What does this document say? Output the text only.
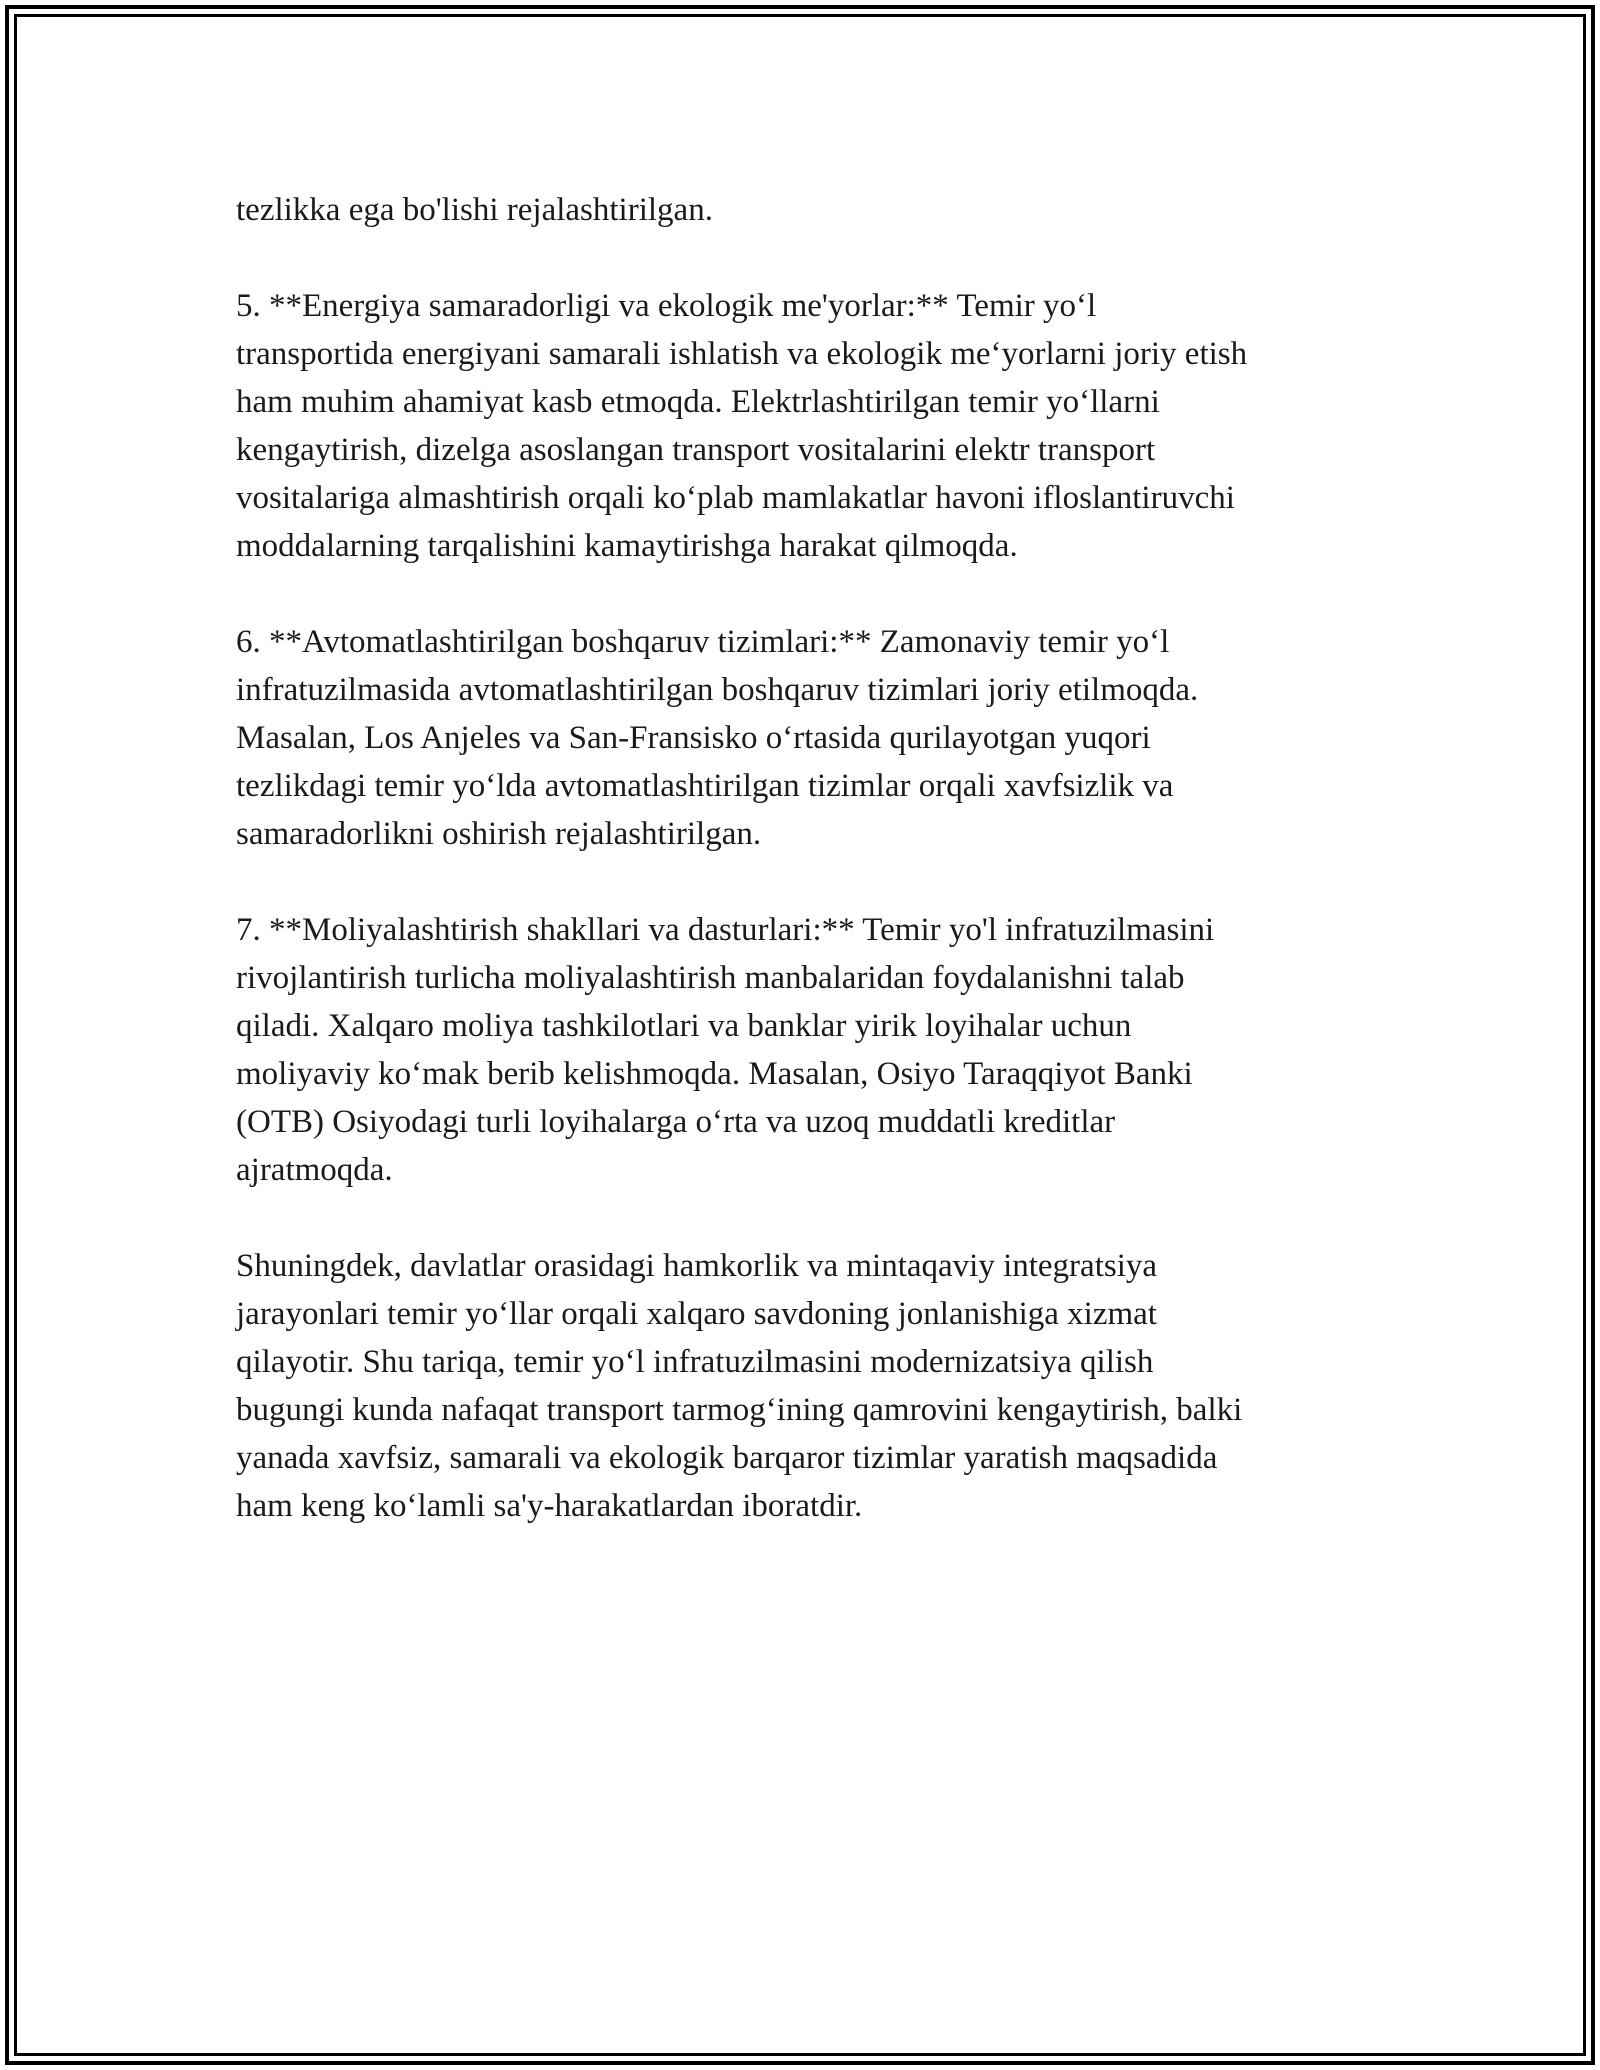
tezlikka ega bo'lishi rejalashtirilgan.

5. **Energiya samaradorligi va ekologik me'yorlar:** Temir yo‘l
transportida energiyani samarali ishlatish va ekologik me‘yorlarni joriy etish
ham muhim ahamiyat kasb etmoqda. Elektrlashtirilgan temir yo‘llarni
kengaytirish, dizelga asoslangan transport vositalarini elektr transport
vositalariga almashtirish orqali ko‘plab mamlakatlar havoni ifloslantiruvchi
moddalarning tarqalishini kamaytirishga harakat qilmoqda.

6. **Avtomatlashtirilgan boshqaruv tizimlari:** Zamonaviy temir yo‘l
infratuzilmasida avtomatlashtirilgan boshqaruv tizimlari joriy etilmoqda.
Masalan, Los Anjeles va San-Fransisko o‘rtasida qurilayotgan yuqori
tezlikdagi temir yo‘lda avtomatlashtirilgan tizimlar orqali xavfsizlik va
samaradorlikni oshirish rejalashtirilgan.

7. **Moliyalashtirish shakllari va dasturlari:** Temir yo'l infratuzilmasini
rivojlantirish turlicha moliyalashtirish manbalaridan foydalanishni talab
qiladi. Xalqaro moliya tashkilotlari va banklar yirik loyihalar uchun
moliyaviy ko‘mak berib kelishmoqda. Masalan, Osiyo Taraqqiyot Banki
(OTB) Osiyodagi turli loyihalarga o‘rta va uzoq muddatli kreditlar
ajratmoqda.

Shuningdek, davlatlar orasidagi hamkorlik va mintaqaviy integratsiya
jarayonlari temir yo‘llar orqali xalqaro savdoning jonlanishiga xizmat
qilayotir. Shu tariqa, temir yo‘l infratuzilmasini modernizatsiya qilish
bugungi kunda nafaqat transport tarmog‘ining qamrovini kengaytirish, balki
yanada xavfsiz, samarali va ekologik barqaror tizimlar yaratish maqsadida
ham keng ko‘lamli sa'y-harakatlardan iboratdir.
